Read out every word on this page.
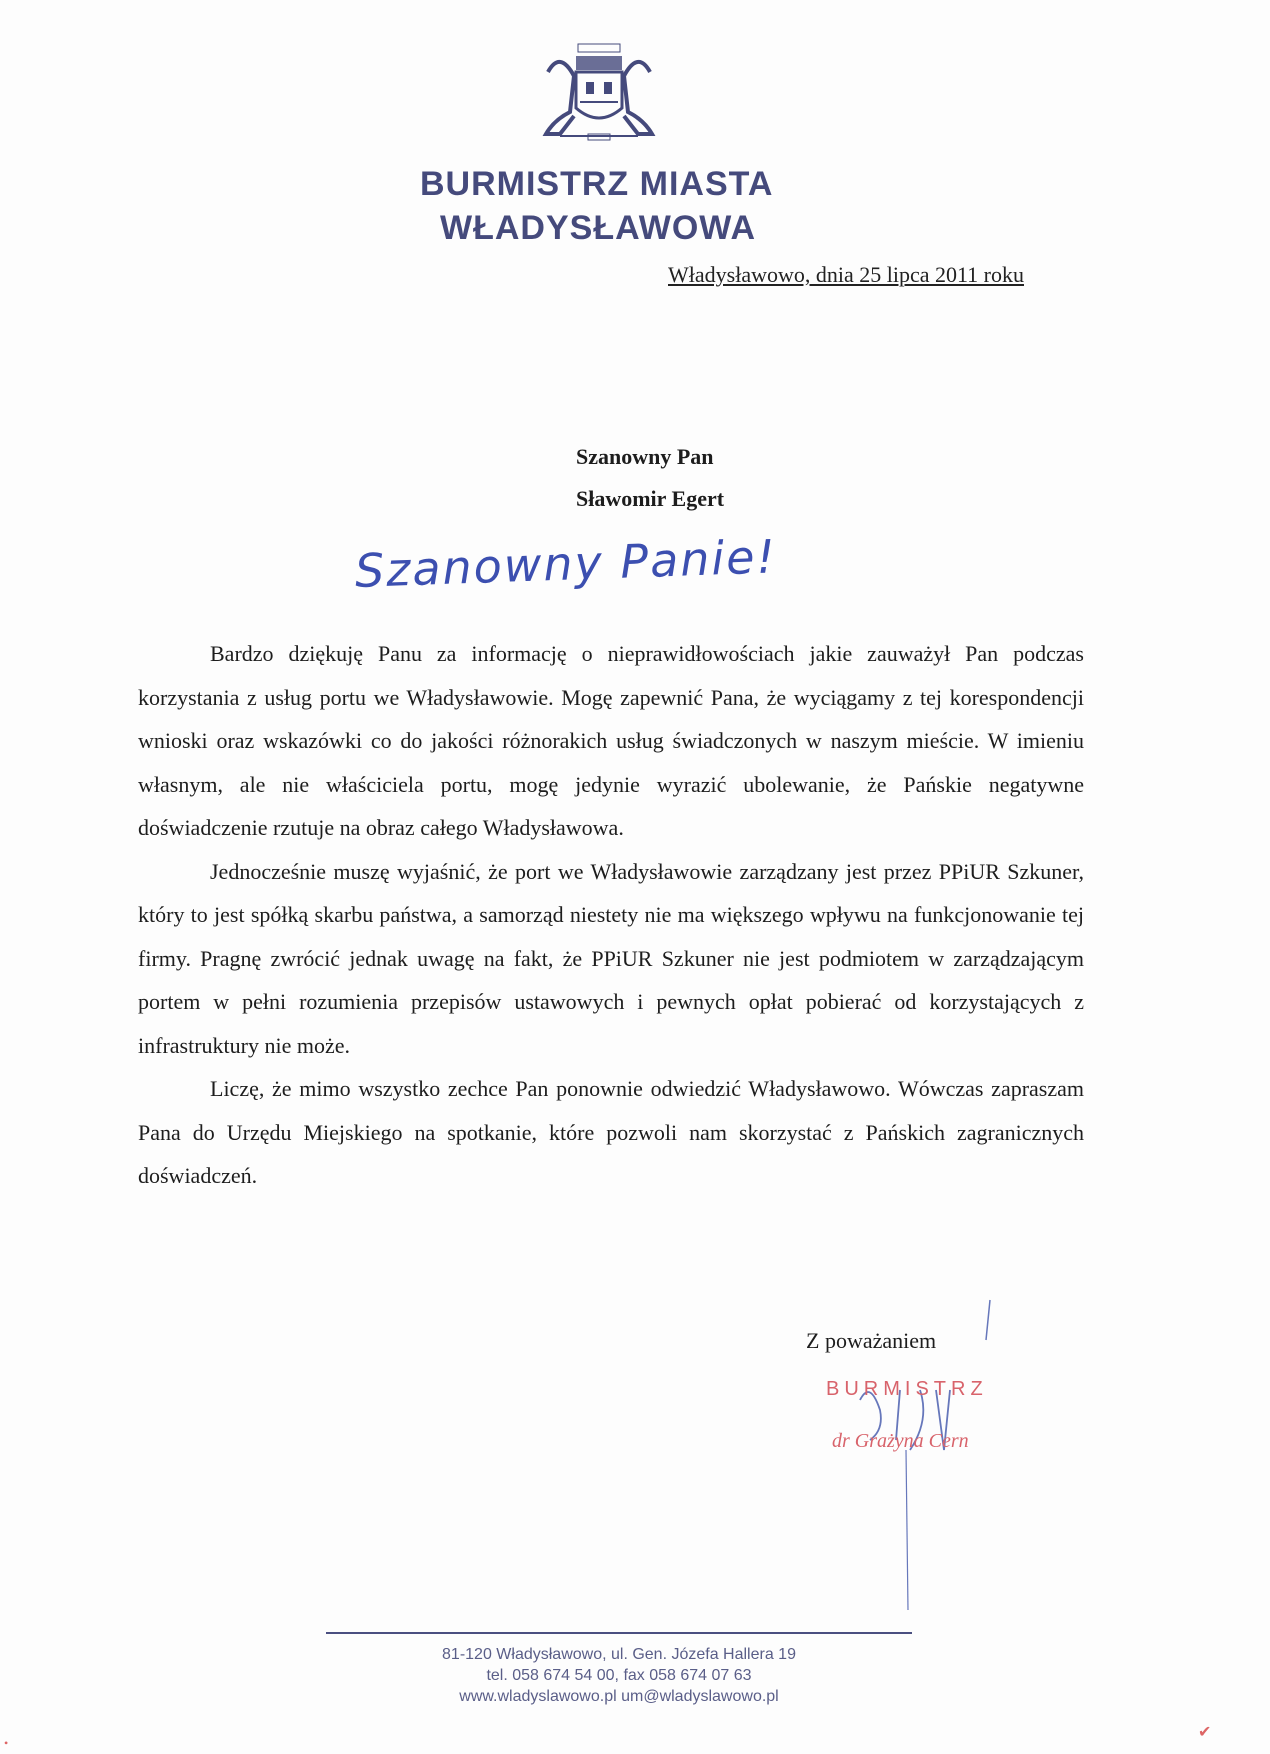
BURMISTRZ MIASTA
WŁADYSŁAWOWA
Władysławowo, dnia 25 lipca 2011 roku
Szanowny Pan
Sławomir Egert
Szanowny Panie!

Bardzo dziękuję Panu za informację o nieprawidłowościach jakie zauważył Pan podczas korzystania z usług portu we Władysławowie. Mogę zapewnić Pana, że wyciągamy z tej korespondencji wnioski oraz wskazówki co do jakości różnorakich usług świadczonych w naszym mieście. W imieniu własnym, ale nie właściciela portu, mogę jedynie wyrazić ubolewanie, że Pańskie negatywne doświadczenie rzutuje na obraz całego Władysławowa.

Jednocześnie muszę wyjaśnić, że port we Władysławowie zarządzany jest przez PPiUR Szkuner, który to jest spółką skarbu państwa, a samorząd niestety nie ma większego wpływu na funkcjonowanie tej firmy. Pragnę zwrócić jednak uwagę na fakt, że PPiUR Szkuner nie jest podmiotem w zarządzającym portem w pełni rozumienia przepisów ustawowych i pewnych opłat pobierać od korzystających z infrastruktury nie może.

Liczę, że mimo wszystko zechce Pan ponownie odwiedzić Władysławowo. Wówczas zapraszam Pana do Urzędu Miejskiego na spotkanie, które pozwoli nam skorzystać z Pańskich zagranicznych doświadczeń.

Z poważaniem
BURMISTRZ
dr Grażyna Cern
81-120 Władysławowo, ul. Gen. Józefa Hallera 19
tel. 058 674 54 00, fax 058 674 07 63
www.wladyslawowo.pl um@wladyslawowo.pl
✔
•
